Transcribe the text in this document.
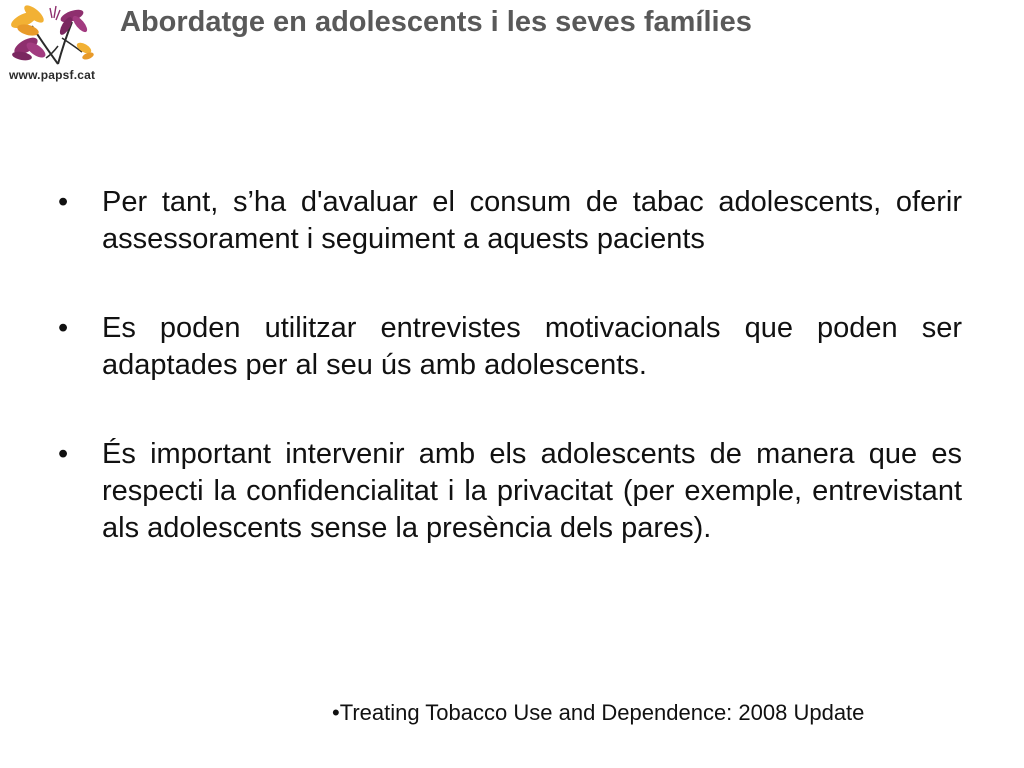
www.papsf.cat
Abordatge en adolescents i les seves famílies
• Per tant, s’ha d'avaluar el consum de tabac adolescents, oferir assessorament i seguiment a aquests pacients
• Es poden utilitzar entrevistes motivacionals que poden ser adaptades per al seu ús amb adolescents.
• És important intervenir amb els adolescents de manera que es respecti la confidencialitat i la privacitat (per exemple, entrevistant als adolescents sense la presència dels pares).
•Treating Tobacco Use and Dependence: 2008 Update
